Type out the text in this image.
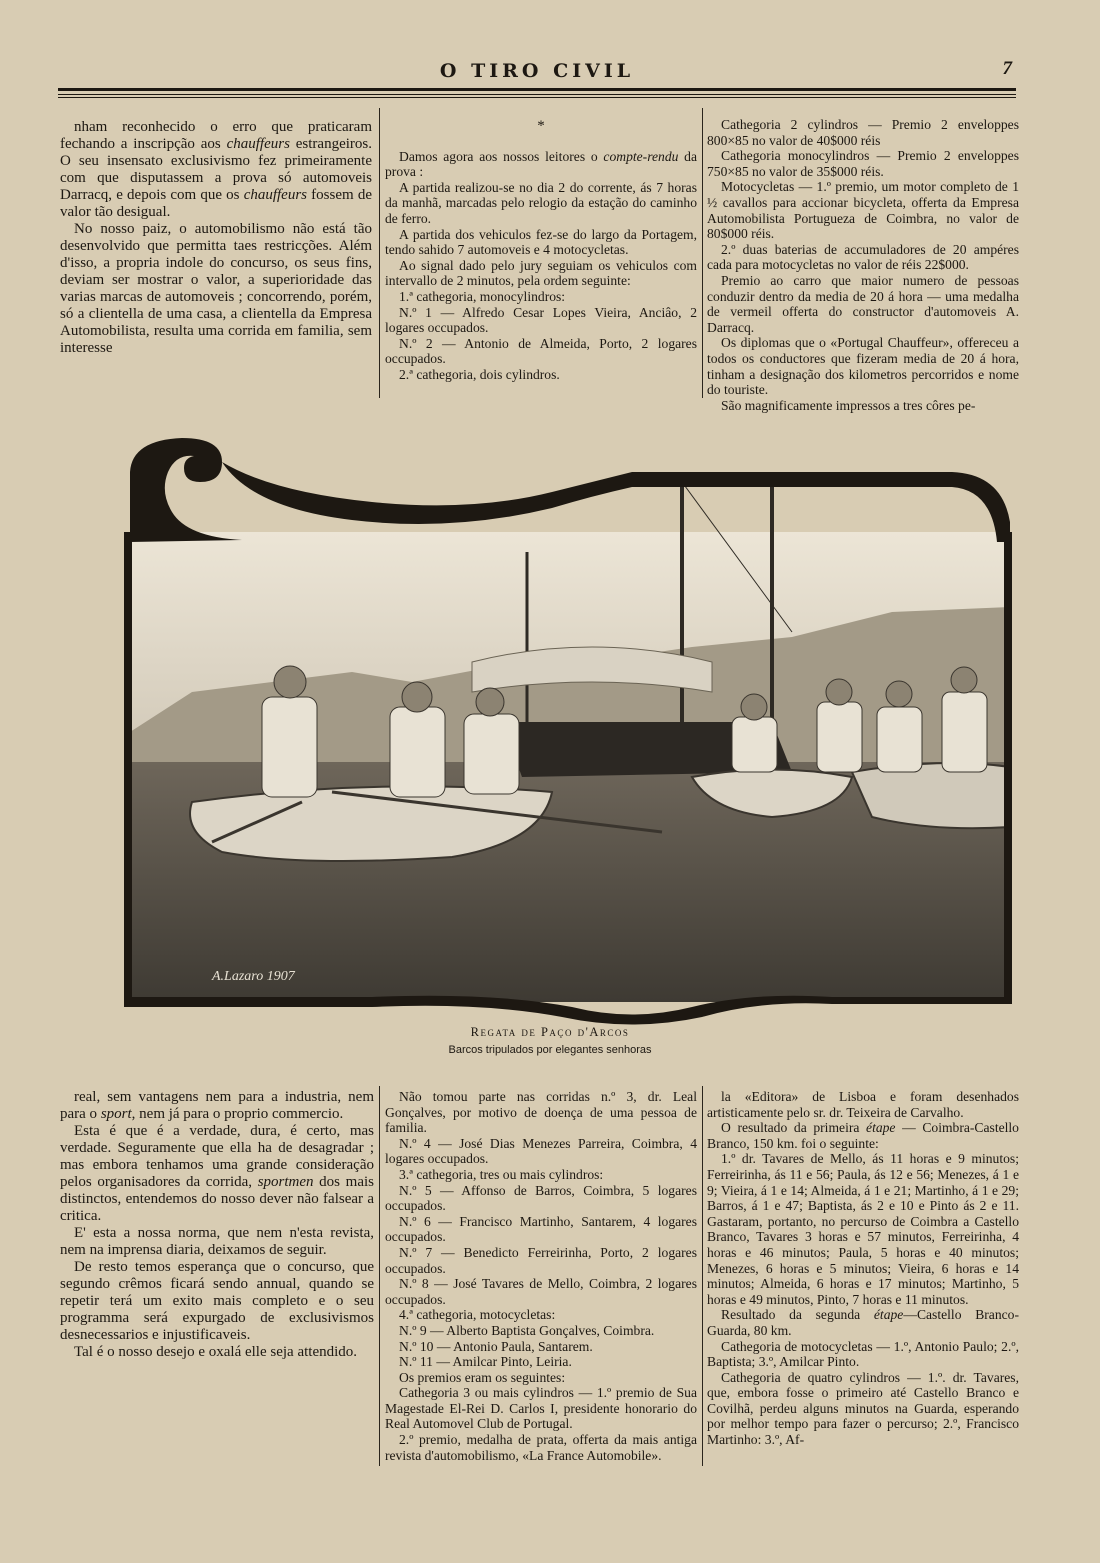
O TIRO CIVIL	7

nham reconhecido o erro que praticaram fechando a inscripção aos chauffeurs estrangeiros. O seu insensato exclusivismo fez primeiramente com que disputassem a prova só automoveis Darracq, e depois com que os chauffeurs fossem de valor tão desigual.

No nosso paiz, o automobilismo não está tão desenvolvido que permitta taes restricções. Além d'isso, a propria indole do concurso, os seus fins, deviam ser mostrar o valor, a superioridade das varias marcas de automoveis ; concorrendo, porém, só a clientella de uma casa, a clientella da Empresa Automobilista, resulta uma corrida em familia, sem interesse

*

Damos agora aos nossos leitores o compte-rendu da prova :

A partida realizou-se no dia 2 do corrente, ás 7 horas da manhã, marcadas pelo relogio da estação do caminho de ferro.

A partida dos vehiculos fez-se do largo da Portagem, tendo sahido 7 automoveis e 4 motocycletas.

Ao signal dado pelo jury seguiam os vehiculos com intervallo de 2 minutos, pela ordem seguinte:

1.ª cathegoria, monocylindros:

N.º 1 — Alfredo Cesar Lopes Vieira, Anciâo, 2 logares occupados.

N.º 2 — Antonio de Almeida, Porto, 2 logares occupados.

2.ª cathegoria, dois cylindros.

Cathegoria 2 cylindros — Premio 2 enveloppes 800×85 no valor de 40$000 réis

Cathegoria monocylindros — Premio 2 enveloppes 750×85 no valor de 35$000 réis.

Motocycletas — 1.º premio, um motor completo de 1 ½ cavallos para accionar bicycleta, offerta da Empresa Automobilista Portugueza de Coimbra, no valor de 80$000 réis.

2.º duas baterias de accumuladores de 20 ampéres cada para motocycletas no valor de réis 22$000.

Premio ao carro que maior numero de pessoas conduzir dentro da media de 20 á hora — uma medalha de vermeil offerta do constructor d'automoveis A. Darracq.

Os diplomas que o «Portugal Chauffeur», offereceu a todos os conductores que fizeram media de 20 á hora, tinham a designação dos kilometros percorridos e nome do touriste.

São magnificamente impressos a tres côres pe-

A.Lazaro 1907
Regata de Paço d'Arcos
Barcos tripulados por elegantes senhoras

real, sem vantagens nem para a industria, nem para o sport, nem já para o proprio commercio.

Esta é que é a verdade, dura, é certo, mas verdade. Seguramente que ella ha de desagradar ; mas embora tenhamos uma grande consideração pelos organisadores da corrida, sportmen dos mais distinctos, entendemos do nosso dever não falsear a critica.

E' esta a nossa norma, que nem n'esta revista, nem na imprensa diaria, deixamos de seguir.

De resto temos esperança que o concurso, que segundo crêmos ficará sendo annual, quando se repetir terá um exito mais completo e o seu programma será expurgado de exclusivismos desnecessarios e injustificaveis.

Tal é o nosso desejo e oxalá elle seja attendido.

Não tomou parte nas corridas n.º 3, dr. Leal Gonçalves, por motivo de doença de uma pessoa de familia.

N.º 4 — José Dias Menezes Parreira, Coimbra, 4 logares occupados.

3.ª cathegoria, tres ou mais cylindros:

N.º 5 — Affonso de Barros, Coimbra, 5 logares occupados.

N.º 6 — Francisco Martinho, Santarem, 4 logares occupados.

N.º 7 — Benedicto Ferreirinha, Porto, 2 logares occupados.

N.º 8 — José Tavares de Mello, Coimbra, 2 logares occupados.

4.ª cathegoria, motocycletas:

N.º 9 — Alberto Baptista Gonçalves, Coimbra.

N.º 10 — Antonio Paula, Santarem.

N.º 11 — Amilcar Pinto, Leiria.

Os premios eram os seguintes:

Cathegoria 3 ou mais cylindros — 1.º premio de Sua Magestade El-Rei D. Carlos I, presidente honorario do Real Automovel Club de Portugal.

2.º premio, medalha de prata, offerta da mais antiga revista d'automobilismo, «La France Automobile».

la «Editora» de Lisboa e foram desenhados artisticamente pelo sr. dr. Teixeira de Carvalho.

O resultado da primeira étape — Coimbra-Castello Branco, 150 km. foi o seguinte:

1.º dr. Tavares de Mello, ás 11 horas e 9 minutos; Ferreirinha, ás 11 e 56; Paula, ás 12 e 56; Menezes, á 1 e 9; Vieira, á 1 e 14; Almeida, á 1 e 21; Martinho, á 1 e 29; Barros, á 1 e 47; Baptista, ás 2 e 10 e Pinto ás 2 e 11. Gastaram, portanto, no percurso de Coimbra a Castello Branco, Tavares 3 horas e 57 minutos, Ferreirinha, 4 horas e 46 minutos; Paula, 5 horas e 40 minutos; Menezes, 6 horas e 5 minutos; Vieira, 6 horas e 14 minutos; Almeida, 6 horas e 17 minutos; Martinho, 5 horas e 49 minutos, Pinto, 7 horas e 11 minutos.

Resultado da segunda étape—Castello Branco-Guarda, 80 km.

Cathegoria de motocycletas — 1.º, Antonio Paulo; 2.º, Baptista; 3.º, Amilcar Pinto.

Cathegoria de quatro cylindros — 1.º. dr. Tavares, que, embora fosse o primeiro até Castello Branco e Covilhã, perdeu alguns minutos na Guarda, esperando por melhor tempo para fazer o percurso; 2.º, Francisco Martinho: 3.º, Af-
